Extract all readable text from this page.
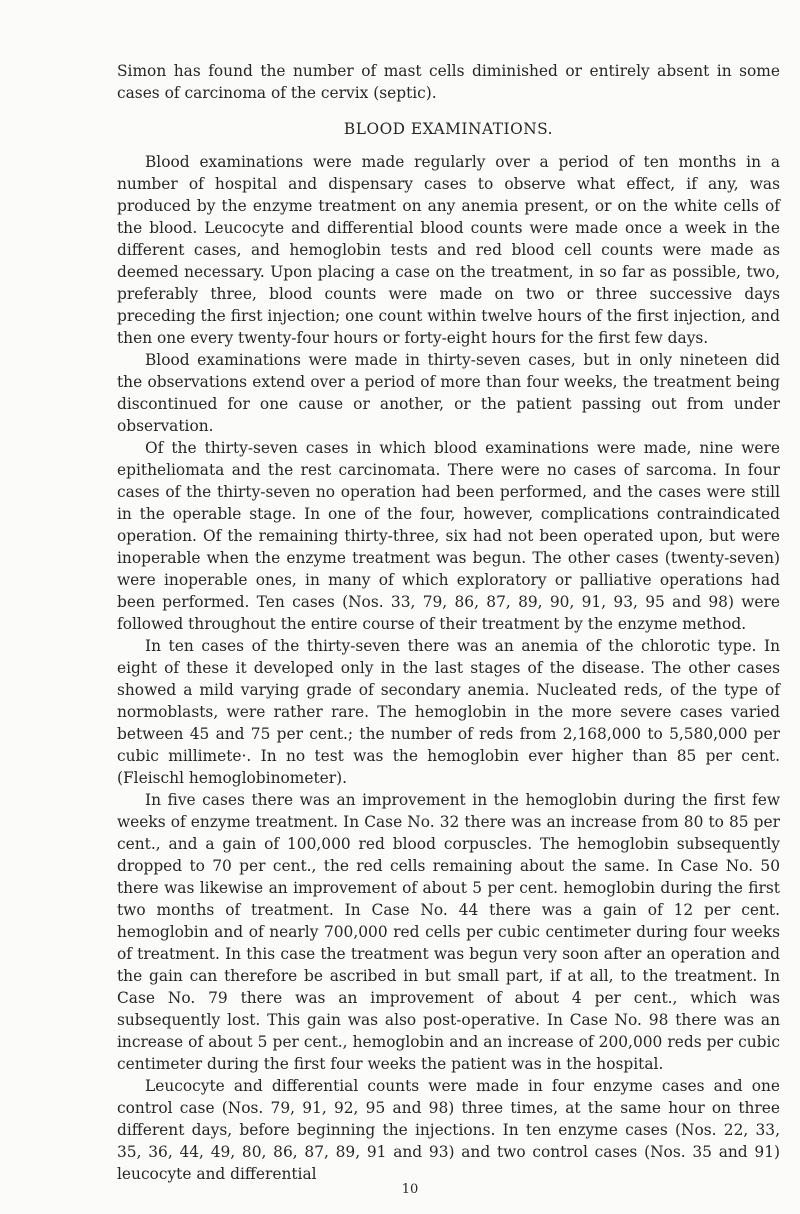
Simon has found the number of mast cells diminished or entirely absent in some cases of carcinoma of the cervix (septic).

BLOOD EXAMINATIONS.

Blood examinations were made regularly over a period of ten months in a number of hospital and dispensary cases to observe what effect, if any, was produced by the enzyme treatment on any anemia present, or on the white cells of the blood. Leucocyte and differential blood counts were made once a week in the different cases, and hemoglobin tests and red blood cell counts were made as deemed necessary. Upon placing a case on the treatment, in so far as possible, two, preferably three, blood counts were made on two or three successive days preceding the first injection; one count within twelve hours of the first injection, and then one every twenty-four hours or forty-eight hours for the first few days.

Blood examinations were made in thirty-seven cases, but in only nineteen did the observations extend over a period of more than four weeks, the treatment being discontinued for one cause or another, or the patient passing out from under observation.

Of the thirty-seven cases in which blood examinations were made, nine were epitheliomata and the rest carcinomata. There were no cases of sarcoma. In four cases of the thirty-seven no operation had been performed, and the cases were still in the operable stage. In one of the four, however, complications contraindicated operation. Of the remaining thirty-three, six had not been operated upon, but were inoperable when the enzyme treatment was begun. The other cases (twenty-seven) were inoperable ones, in many of which exploratory or palliative operations had been performed. Ten cases (Nos. 33, 79, 86, 87, 89, 90, 91, 93, 95 and 98) were followed throughout the entire course of their treatment by the enzyme method.

In ten cases of the thirty-seven there was an anemia of the chlorotic type. In eight of these it developed only in the last stages of the disease. The other cases showed a mild varying grade of secondary anemia. Nucleated reds, of the type of normoblasts, were rather rare. The hemoglobin in the more severe cases varied between 45 and 75 per cent.; the number of reds from 2,168,000 to 5,580,000 per cubic millimete·. In no test was the hemoglobin ever higher than 85 per cent. (Fleischl hemoglobinometer).

In five cases there was an improvement in the hemoglobin during the first few weeks of enzyme treatment. In Case No. 32 there was an increase from 80 to 85 per cent., and a gain of 100,000 red blood corpuscles. The hemoglobin subsequently dropped to 70 per cent., the red cells remaining about the same. In Case No. 50 there was likewise an improvement of about 5 per cent. hemoglobin during the first two months of treatment. In Case No. 44 there was a gain of 12 per cent. hemoglobin and of nearly 700,000 red cells per cubic centimeter during four weeks of treatment. In this case the treatment was begun very soon after an operation and the gain can therefore be ascribed in but small part, if at all, to the treatment. In Case No. 79 there was an improvement of about 4 per cent., which was subsequently lost. This gain was also post-operative. In Case No. 98 there was an increase of about 5 per cent., hemoglobin and an increase of 200,000 reds per cubic centimeter during the first four weeks the patient was in the hospital.

Leucocyte and differential counts were made in four enzyme cases and one control case (Nos. 79, 91, 92, 95 and 98) three times, at the same hour on three different days, before beginning the injections. In ten enzyme cases (Nos. 22, 33, 35, 36, 44, 49, 80, 86, 87, 89, 91 and 93) and two control cases (Nos. 35 and 91) leucocyte and differential

10
